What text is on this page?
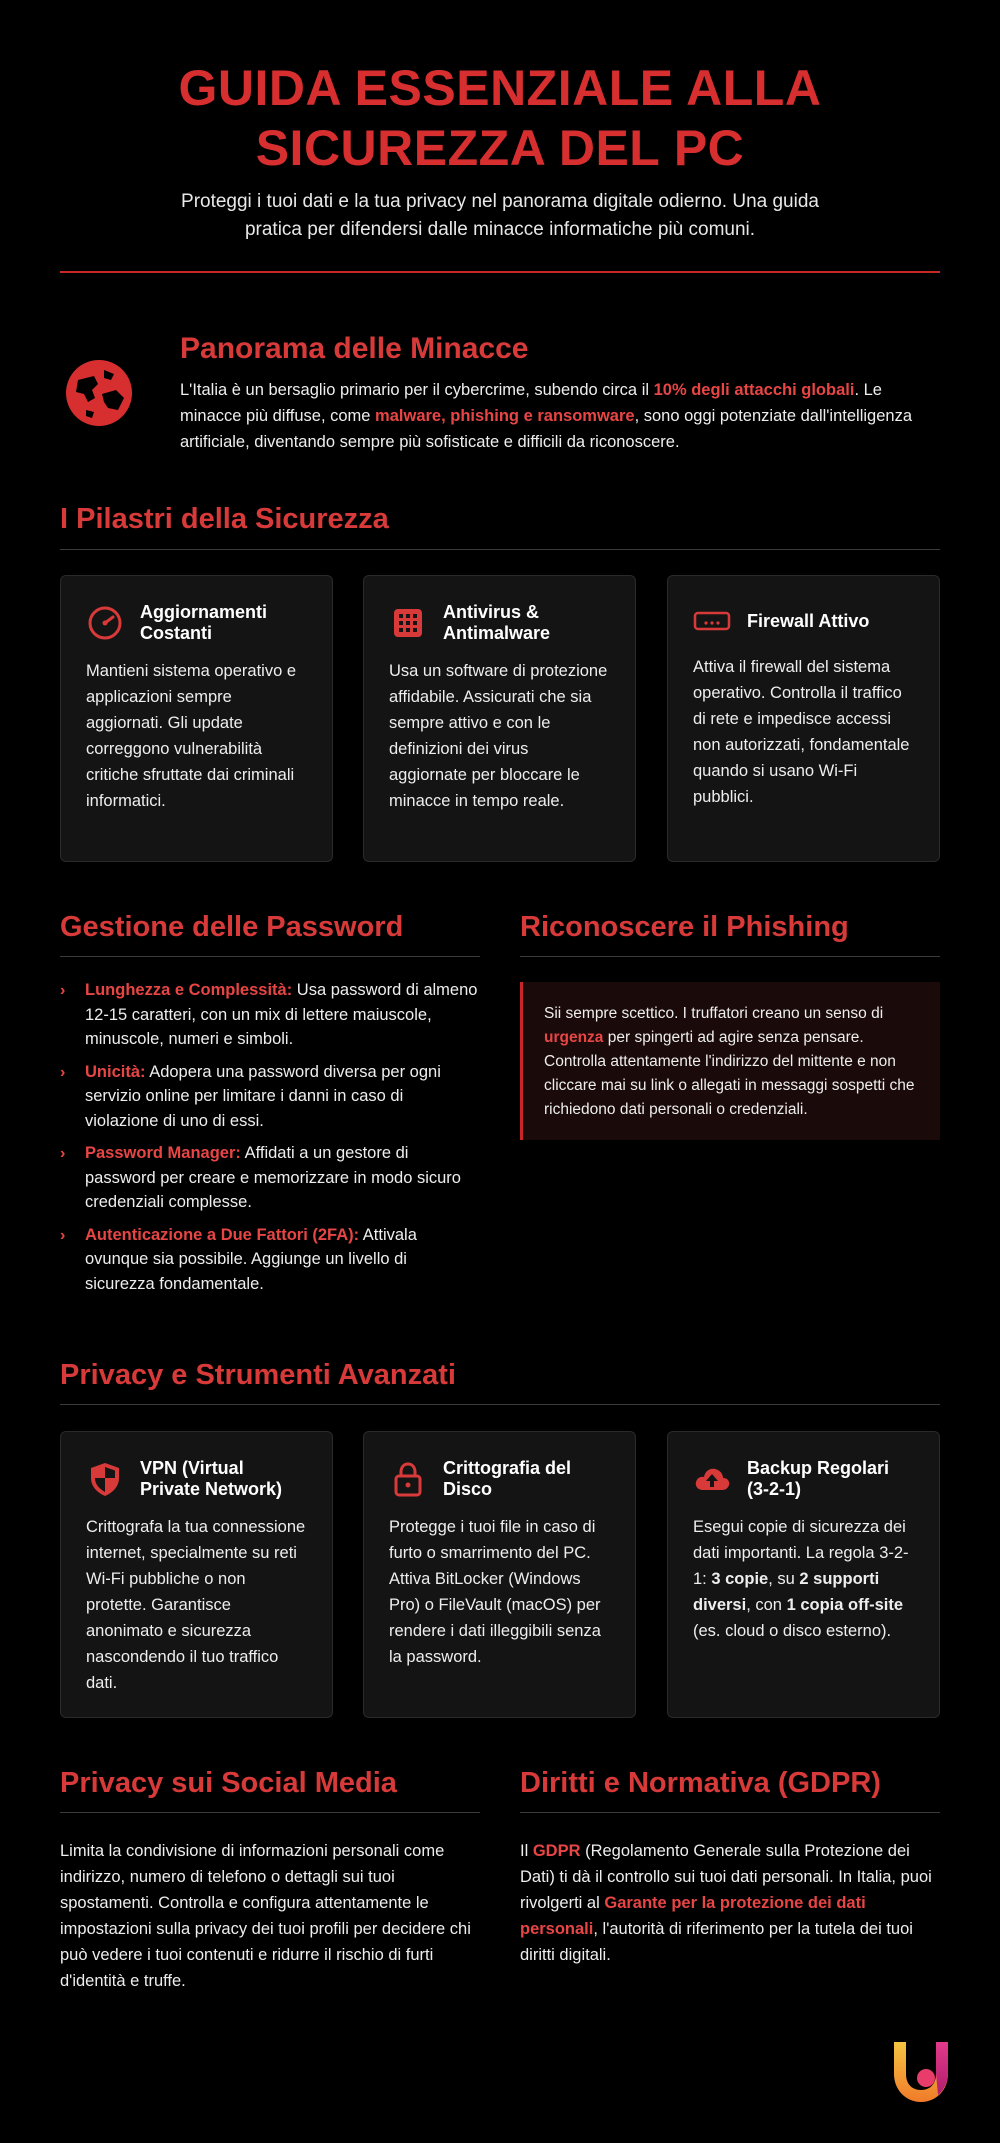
GUIDA ESSENZIALE ALLA
SICUREZZA DEL PC

Proteggi i tuoi dati e la tua privacy nel panorama digitale odierno. Una guida pratica per difendersi dalle minacce informatiche più comuni.

Panorama delle Minacce

L'Italia è un bersaglio primario per il cybercrime, subendo circa il 10% degli attacchi globali. Le minacce più diffuse, come malware, phishing e ransomware, sono oggi potenziate dall'intelligenza artificiale, diventando sempre più sofisticate e difficili da riconoscere.

I Pilastri della Sicurezza
Aggiornamenti Costanti

Mantieni sistema operativo e applicazioni sempre aggiornati. Gli update correggono vulnerabilità critiche sfruttate dai criminali informatici.

Antivirus & Antimalware

Usa un software di protezione affidabile. Assicurati che sia sempre attivo e con le definizioni dei virus aggiornate per bloccare le minacce in tempo reale.

Firewall Attivo

Attiva il firewall del sistema operativo. Controlla il traffico di rete e impedisce accessi non autorizzati, fondamentale quando si usano Wi-Fi pubblici.

Gestione delle Password
› Lunghezza e Complessità: Usa password di almeno 12-15 caratteri, con un mix di lettere maiuscole, minuscole, numeri e simboli.
› Unicità: Adopera una password diversa per ogni servizio online per limitare i danni in caso di violazione di uno di essi.
› Password Manager: Affidati a un gestore di password per creare e memorizzare in modo sicuro credenziali complesse.
› Autenticazione a Due Fattori (2FA): Attivala ovunque sia possibile. Aggiunge un livello di sicurezza fondamentale.
Riconoscere il Phishing
Sii sempre scettico. I truffatori creano un senso di urgenza per spingerti ad agire senza pensare. Controlla attentamente l'indirizzo del mittente e non cliccare mai su link o allegati in messaggi sospetti che richiedono dati personali o credenziali.
Privacy e Strumenti Avanzati
VPN (Virtual Private Network)

Crittografa la tua connessione internet, specialmente su reti Wi-Fi pubbliche o non protette. Garantisce anonimato e sicurezza nascondendo il tuo traffico dati.

Crittografia del Disco

Protegge i tuoi file in caso di furto o smarrimento del PC. Attiva BitLocker (Windows Pro) o FileVault (macOS) per rendere i dati illeggibili senza la password.

Backup Regolari (3-2-1)

Esegui copie di sicurezza dei dati importanti. La regola 3-2-1: 3 copie, su 2 supporti diversi, con 1 copia off-site (es. cloud o disco esterno).

Privacy sui Social Media

Limita la condivisione di informazioni personali come indirizzo, numero di telefono o dettagli sui tuoi spostamenti. Controlla e configura attentamente le impostazioni sulla privacy dei tuoi profili per decidere chi può vedere i tuoi contenuti e ridurre il rischio di furti d'identità e truffe.

Diritti e Normativa (GDPR)

Il GDPR (Regolamento Generale sulla Protezione dei Dati) ti dà il controllo sui tuoi dati personali. In Italia, puoi rivolgerti al Garante per la protezione dei dati personali, l'autorità di riferimento per la tutela dei tuoi diritti digitali.
